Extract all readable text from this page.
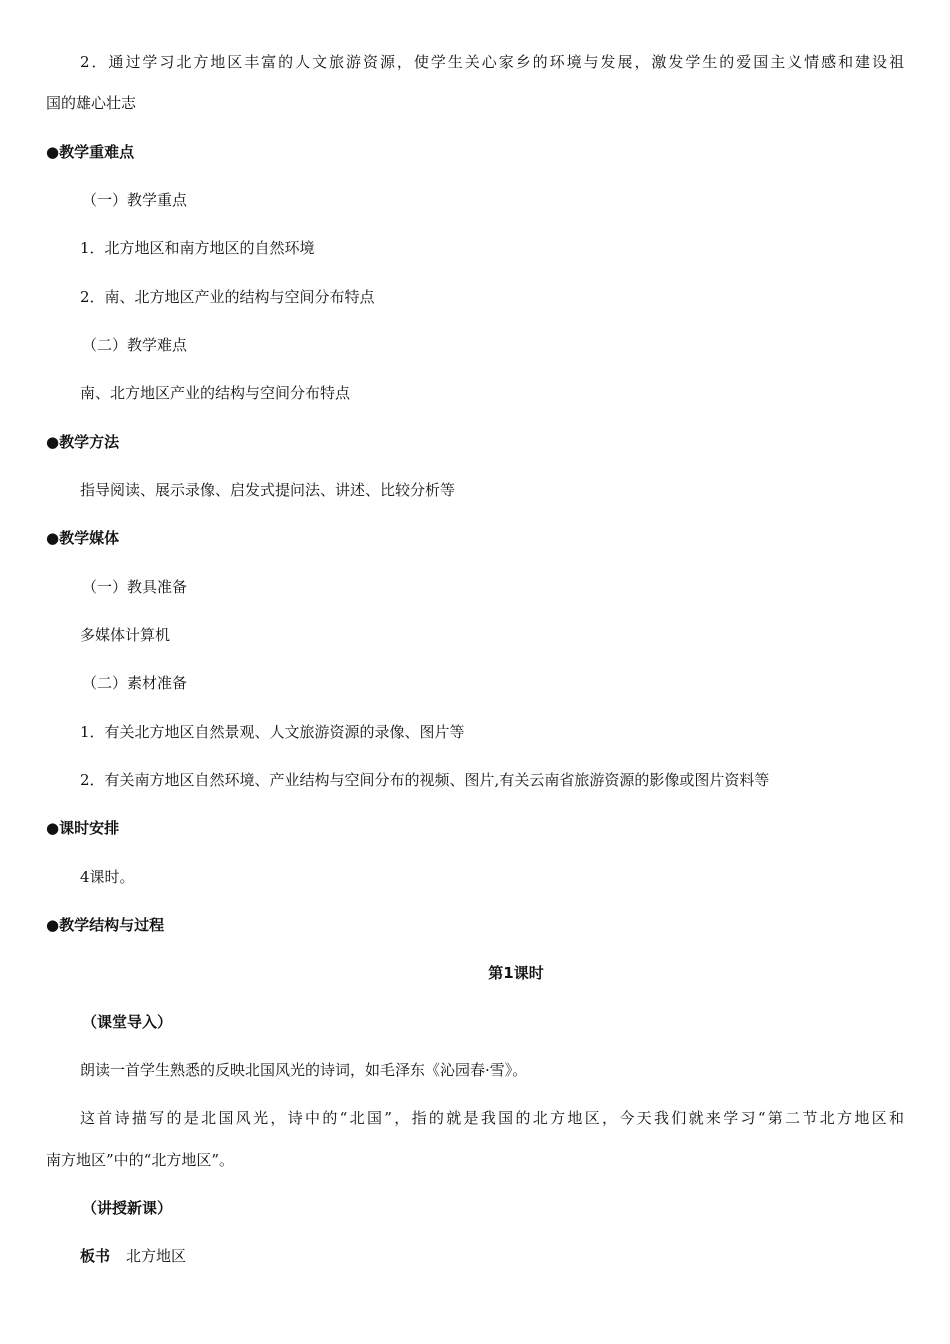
2．通过学习北方地区丰富的人文旅游资源，使学生关心家乡的环境与发展，激发学生的爱国主义情感和建设祖
国的雄心壮志
●教学重难点
（一）教学重点
1．北方地区和南方地区的自然环境
2．南、北方地区产业的结构与空间分布特点
（二）教学难点
南、北方地区产业的结构与空间分布特点
●教学方法
指导阅读、展示录像、启发式提问法、讲述、比较分析等
●教学媒体
（一）教具准备
多媒体计算机
（二）素材准备
1．有关北方地区自然景观、人文旅游资源的录像、图片等
2．有关南方地区自然环境、产业结构与空间分布的视频、图片,有关云南省旅游资源的影像或图片资料等
●课时安排
4课时。
●教学结构与过程
第1课时
（课堂导入）
朗读一首学生熟悉的反映北国风光的诗词，如毛泽东《沁园春·雪》。
这首诗描写的是北国风光，诗中的“北国”，指的就是我国的北方地区，今天我们就来学习“第二节北方地区和
南方地区”中的“北方地区”。
（讲授新课）
板书 北方地区
